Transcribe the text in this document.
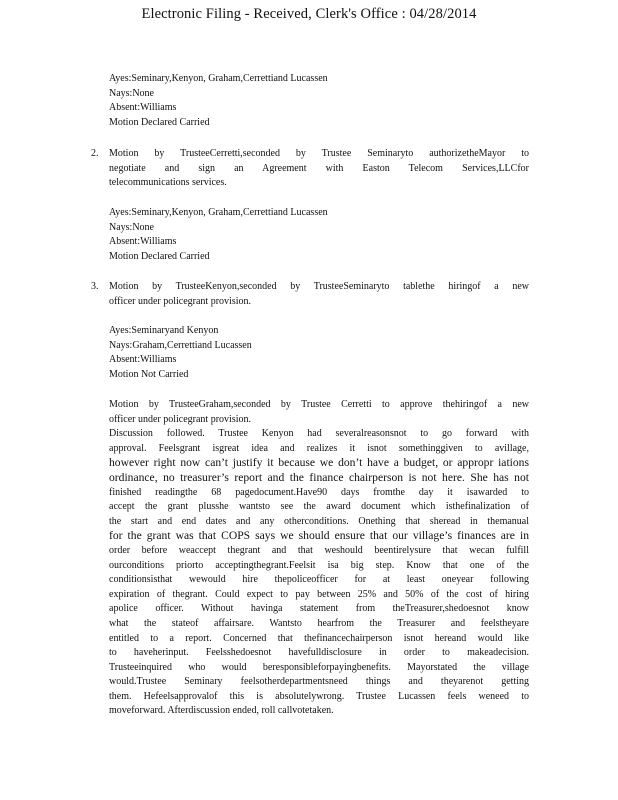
Electronic Filing - Received, Clerk's Office : 04/28/2014
Ayes:Seminary,Kenyon, Graham,Cerrettiand Lucassen
Nays:None
Absent:Williams
Motion Declared Carried
2. Motion by TrusteeCerretti,seconded by Trustee Seminaryto authorizetheMayor to
negotiate and sign an Agreement with Easton Telecom Services,LLCfor
telecommunications services.
Ayes:Seminary,Kenyon, Graham,Cerrettiand Lucassen
Nays:None
Absent:Williams
Motion Declared Carried
3. Motion by TrusteeKenyon,seconded by TrusteeSeminaryto tablethe hiringof a new
officer under policegrant provision.
Ayes:Seminaryand Kenyon
Nays:Graham,Cerrettiand Lucassen
Absent:Williams
Motion Not Carried
Motion by TrusteeGraham,seconded by Trustee Cerretti to approve thehiringof a new
officer under policegrant provision.
Discussion followed. Trustee Kenyon had severalreasonsnot to go forward with
approval. Feelsgrant isgreat idea and realizes it isnot somethinggiven to avillage,
however right now can’t justify it because we don’t have a budget, or appropr iations
ordinance, no treasurer’s report and the finance chairperson is not here. She has not
finished readingthe 68 pagedocument.Have90 days fromthe day it isawarded to
accept the grant plusshe wantsto see the award document which isthefinalization of
the start and end dates and any otherconditions. Onething that sheread in themanual
for the grant was that COPS says we should ensure that our village’s finances are in
order before weaccept thegrant and that weshould beentirelysure that wecan fulfill
ourconditions priorto acceptingthegrant.Feelsit isa big step. Know that one of the
conditionsisthat wewould hire thepoliceofficer for at least oneyear following
expiration of thegrant. Could expect to pay between 25% and 50% of the cost of hiring
apolice officer. Without havinga statement from theTreasurer,shedoesnot know
what the stateof affairsare. Wantsto hearfrom the Treasurer and feelstheyare
entitled to a report. Concerned that thefinancechairperson isnot hereand would like
to haveherinput. Feelsshedoesnot havefulldisclosure in order to makeadecision.
Trusteeinquired who would beresponsibleforpayingbenefits. Mayorstated the village
would.Trustee Seminary feelsotherdepartmentsneed things and theyarenot getting
them. Hefeelsapprovalof this is absolutelywrong. Trustee Lucassen feels weneed to
moveforward. Afterdiscussion ended, roll callvotetaken.
